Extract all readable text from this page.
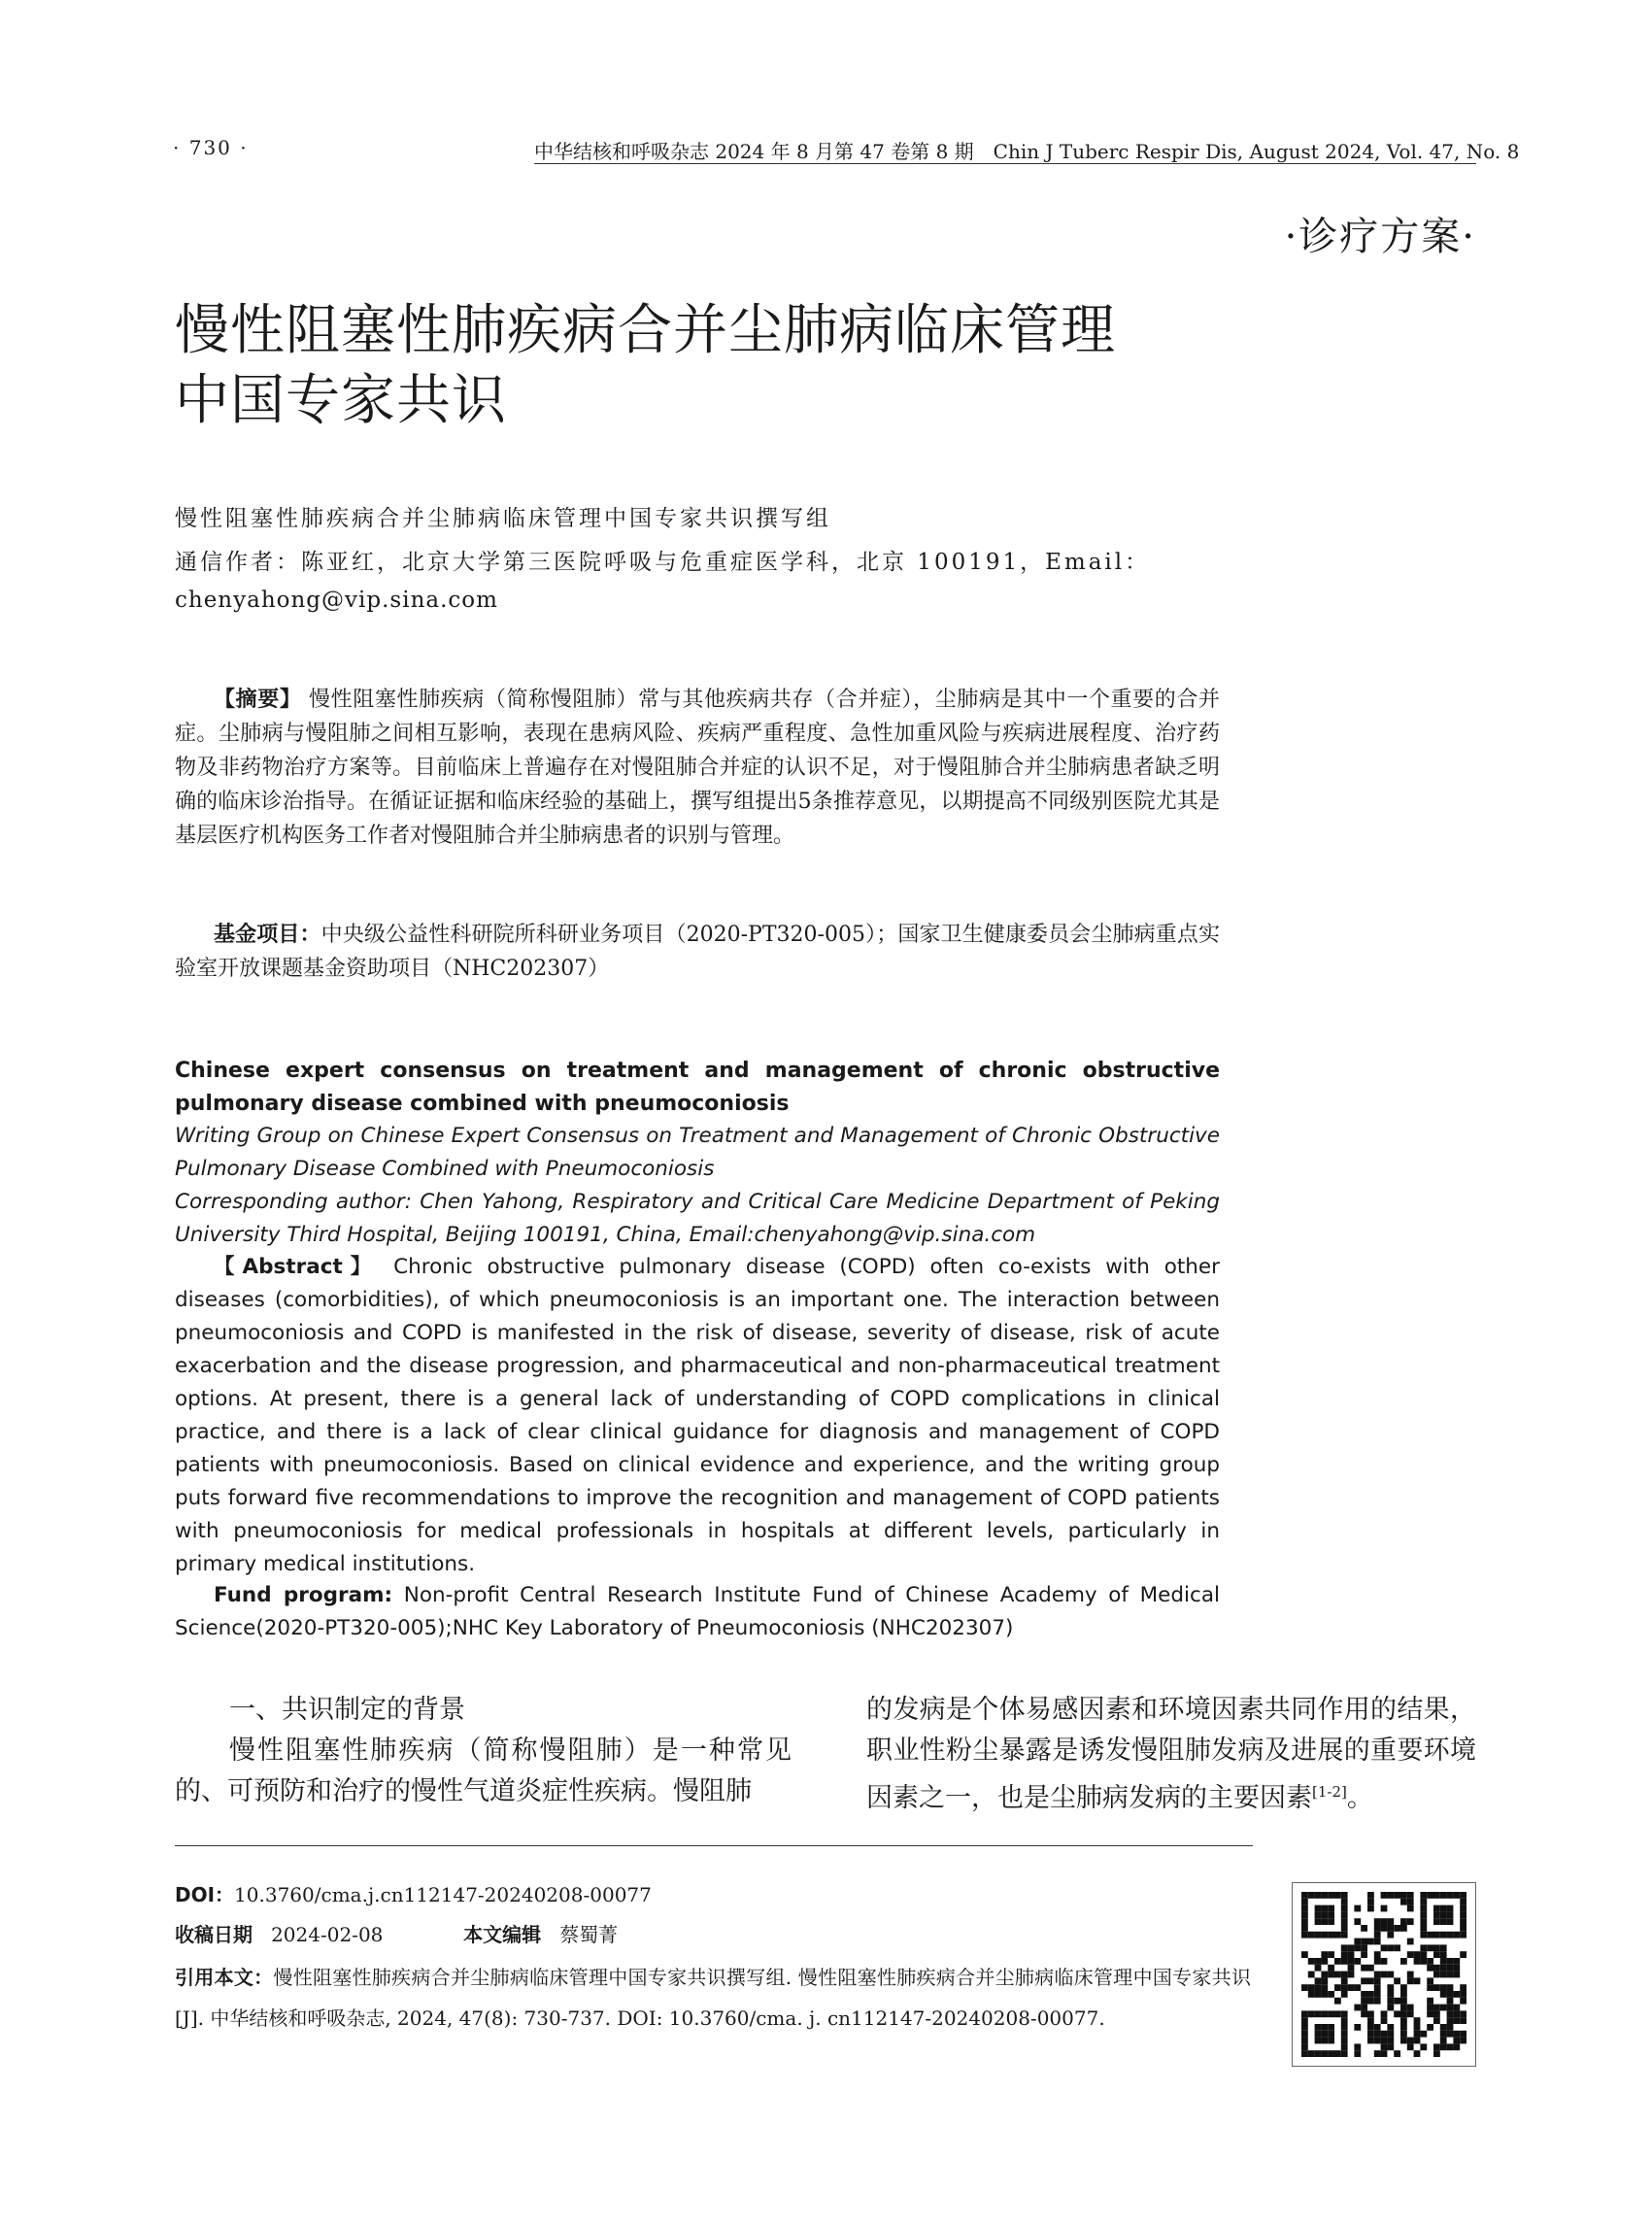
· 730 ·	中华结核和呼吸杂志 2024 年 8 月第 47 卷第 8 期　Chin J Tuberc Respir Dis, August 2024, Vol. 47, No. 8
·诊疗方案·
慢性阻塞性肺疾病合并尘肺病临床管理
中国专家共识
慢性阻塞性肺疾病合并尘肺病临床管理中国专家共识撰写组
通信作者：陈亚红，北京大学第三医院呼吸与危重症医学科，北京 100191，Email：
chenyahong@vip.sina.com
【摘要】 慢性阻塞性肺疾病（简称慢阻肺）常与其他疾病共存（合并症），尘肺病是其中一个重要的合并症。尘肺病与慢阻肺之间相互影响，表现在患病风险、疾病严重程度、急性加重风险与疾病进展程度、治疗药物及非药物治疗方案等。目前临床上普遍存在对慢阻肺合并症的认识不足，对于慢阻肺合并尘肺病患者缺乏明确的临床诊治指导。在循证证据和临床经验的基础上，撰写组提出5条推荐意见，以期提高不同级别医院尤其是基层医疗机构医务工作者对慢阻肺合并尘肺病患者的识别与管理。
基金项目：中央级公益性科研院所科研业务项目（2020-PT320-005）；国家卫生健康委员会尘肺病重点实验室开放课题基金资助项目（NHC202307）
Chinese expert consensus on treatment and management of chronic obstructive pulmonary disease combined with pneumoconiosis
Writing Group on Chinese Expert Consensus on Treatment and Management of Chronic Obstructive Pulmonary Disease Combined with Pneumoconiosis
Corresponding author: Chen Yahong, Respiratory and Critical Care Medicine Department of Peking University Third Hospital, Beijing 100191, China, Email:chenyahong@vip.sina.com
【Abstract】 Chronic obstructive pulmonary disease (COPD) often co-exists with other diseases (comorbidities), of which pneumoconiosis is an important one. The interaction between pneumoconiosis and COPD is manifested in the risk of disease, severity of disease, risk of acute exacerbation and the disease progression, and pharmaceutical and non-pharmaceutical treatment options. At present, there is a general lack of understanding of COPD complications in clinical practice, and there is a lack of clear clinical guidance for diagnosis and management of COPD patients with pneumoconiosis. Based on clinical evidence and experience, and the writing group puts forward five recommendations to improve the recognition and management of COPD patients with pneumoconiosis for medical professionals in hospitals at different levels, particularly in primary medical institutions.
Fund program: Non-profit Central Research Institute Fund of Chinese Academy of Medical Science(2020-PT320-005);NHC Key Laboratory of Pneumoconiosis (NHC202307)

一、共识制定的背景

慢性阻塞性肺疾病（简称慢阻肺）是一种常见的、可预防和治疗的慢性气道炎症性疾病。慢阻肺

的发病是个体易感因素和环境因素共同作用的结果，职业性粉尘暴露是诱发慢阻肺发病及进展的重要环境因素之一，也是尘肺病发病的主要因素[1-2]。

DOI：10.3760/cma.j.cn112147-20240208-00077
收稿日期 2024-02-08	本文编辑 蔡蜀菁
引用本文：慢性阻塞性肺疾病合并尘肺病临床管理中国专家共识撰写组. 慢性阻塞性肺疾病合并尘肺病临床管理中国专家共识[J]. 中华结核和呼吸杂志, 2024, 47(8): 730-737. DOI: 10.3760/cma. j. cn112147-20240208-00077.
